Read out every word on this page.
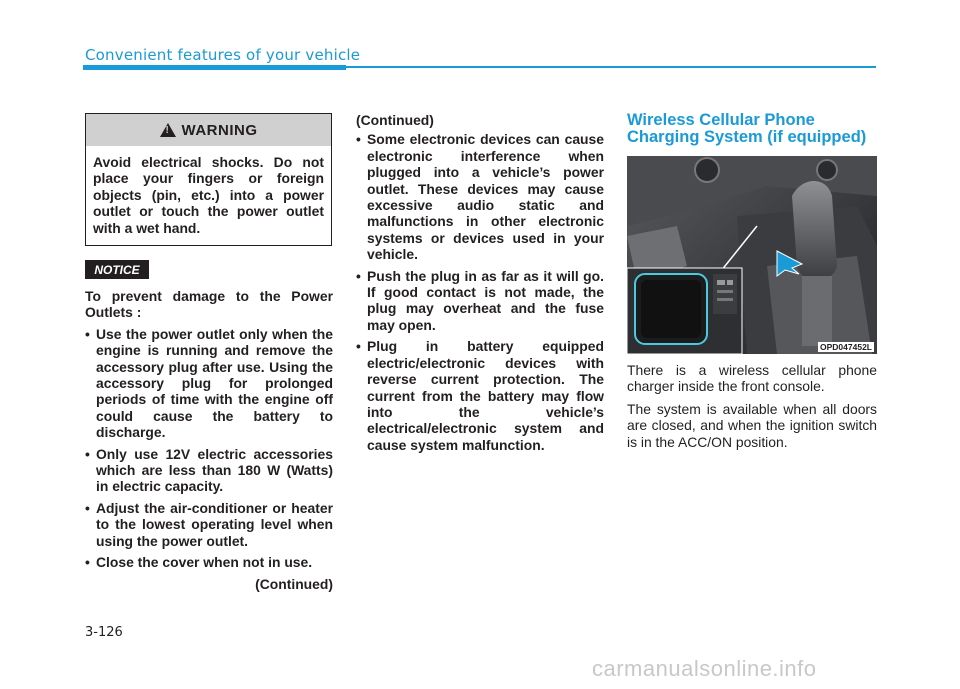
Convenient features of your vehicle
!
WARNING
Avoid electrical shocks. Do not place your fingers or foreign objects (pin, etc.) into a power outlet or touch the power outlet with a wet hand.
NOTICE

To prevent damage to the Power Outlets :

• Use the power outlet only when the engine is running and remove the accessory plug after use. Using the accessory plug for prolonged periods of time with the engine off could cause the battery to discharge.
• Only use 12V electric accessories which are less than 180 W (Watts) in electric capacity.
• Adjust the air-conditioner or heater to the lowest operating level when using the power outlet.
• Close the cover when not in use.

(Continued)

(Continued)

• Some electronic devices can cause electronic interference when plugged into a vehicle’s power outlet. These devices may cause excessive audio static and malfunctions in other electronic systems or devices used in your vehicle.
• Push the plug in as far as it will go. If good contact is not made, the plug may overheat and the fuse may open.
• Plug in battery equipped electric/electronic devices with reverse current protection. The current from the battery may flow into the vehicle’s electrical/electronic system and cause system malfunction.
Wireless Cellular Phone Charging System (if equipped)
OPD047452L

There is a wireless cellular phone charger inside the front console.

The system is available when all doors are closed, and when the ignition switch is in the ACC/ON position.

3-126
carmanualsonline.info
